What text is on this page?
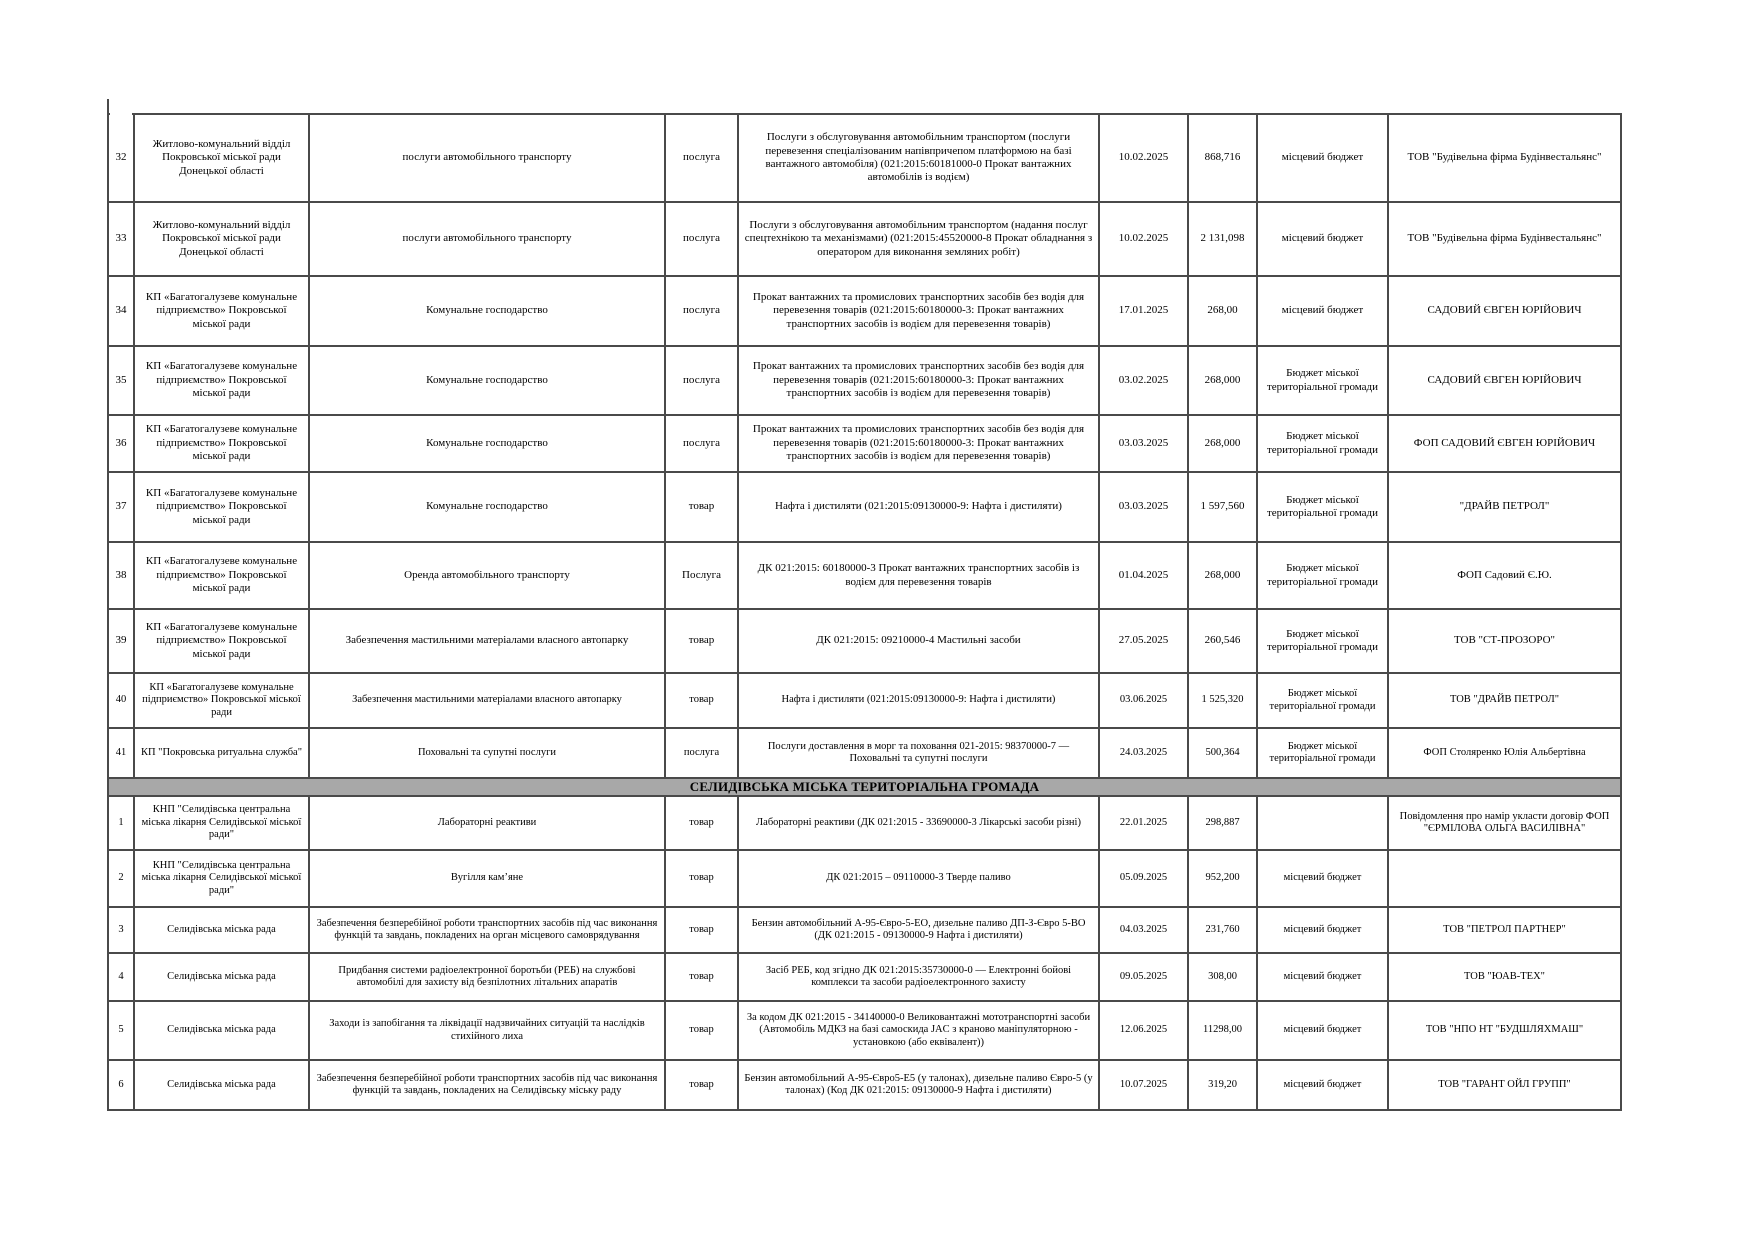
32	Житлово-комунальний відділ Покровської міської ради Донецької області	послуги автомобільного транспорту	послуга	Послуги з обслуговування автомобільним транспортом (послуги перевезення спеціалізованим напівпричепом платформою на базі вантажного автомобіля) (021:2015:60181000-0 Прокат вантажних автомобілів із водієм)	10.02.2025	868,716	місцевий бюджет	ТОВ "Будівельна фірма Будінвестальянс"
33	Житлово-комунальний відділ Покровської міської ради Донецької області	послуги автомобільного транспорту	послуга	Послуги з обслуговування автомобільним транспортом (надання послуг спецтехнікою та механізмами) (021:2015:45520000-8 Прокат обладнання з оператором для виконання земляних робіт)	10.02.2025	2 131,098	місцевий бюджет	ТОВ "Будівельна фірма Будінвестальянс"
34	КП «Багатогалузеве комунальне підприємство» Покровської міської ради	Комунальне господарство	послуга	Прокат вантажних та промислових транспортних засобів без водія для перевезення товарів (021:2015:60180000-3: Прокат вантажних транспортних засобів із водієм для перевезення товарів)	17.01.2025	268,00	місцевий бюджет	САДОВИЙ ЄВГЕН ЮРІЙОВИЧ
35	КП «Багатогалузеве комунальне підприємство» Покровської міської ради	Комунальне господарство	послуга	Прокат вантажних та промислових транспортних засобів без водія для перевезення товарів (021:2015:60180000-3: Прокат вантажних транспортних засобів із водієм для перевезення товарів)	03.02.2025	268,000	Бюджет міської територіальної громади	САДОВИЙ ЄВГЕН ЮРІЙОВИЧ
36	КП «Багатогалузеве комунальне підприємство» Покровської міської ради	Комунальне господарство	послуга	Прокат вантажних та промислових транспортних засобів без водія для перевезення товарів (021:2015:60180000-3: Прокат вантажних транспортних засобів із водієм для перевезення товарів)	03.03.2025	268,000	Бюджет міської територіальної громади	ФОП САДОВИЙ ЄВГЕН ЮРІЙОВИЧ
37	КП «Багатогалузеве комунальне підприємство» Покровської міської ради	Комунальне господарство	товар	Нафта і дистиляти (021:2015:09130000-9: Нафта і дистиляти)	03.03.2025	1 597,560	Бюджет міської територіальної громади	"ДРАЙВ ПЕТРОЛ"
38	КП «Багатогалузеве комунальне підприємство» Покровської міської ради	Оренда автомобільного транспорту	Послуга	ДК 021:2015: 60180000-3 Прокат вантажних транспортних засобів із водієм для перевезення товарів	01.04.2025	268,000	Бюджет міської територіальної громади	ФОП Садовий Є.Ю.
39	КП «Багатогалузеве комунальне підприємство» Покровської міської ради	Забезпечення мастильними матеріалами власного автопарку	товар	ДК 021:2015: 09210000-4 Мастильні засоби	27.05.2025	260,546	Бюджет міської територіальної громади	ТОВ "СТ-ПРОЗОРО"
40	КП «Багатогалузеве комунальне підприємство» Покровської міської ради	Забезпечення мастильними матеріалами власного автопарку	товар	Нафта і дистиляти (021:2015:09130000-9: Нафта і дистиляти)	03.06.2025	1 525,320	Бюджет міської територіальної громади	ТОВ "ДРАЙВ ПЕТРОЛ"
41	КП "Покровська ритуальна служба"	Поховальні та супутні послуги	послуга	Послуги доставлення в морг та поховання 021-2015: 98370000-7 — Поховальні та супутні послуги	24.03.2025	500,364	Бюджет міської територіальної громади	ФОП Столяренко Юлія Альбертівна
СЕЛИДІВСЬКА МІСЬКА ТЕРИТОРІАЛЬНА ГРОМАДА								
1	КНП "Селидівська центральна міська лікарня Селидівської міської ради"	Лабораторні реактиви	товар	Лабораторні реактиви (ДК 021:2015 - 33690000-3 Лікарські засоби різні)	22.01.2025	298,887		Повідомлення про намір укласти договір ФОП "ЄРМІЛОВА ОЛЬГА ВАСИЛІВНА"
2	КНП "Селидівська центральна міська лікарня Селидівської міської ради"	Вугілля кам’яне	товар	ДК 021:2015 – 09110000-3 Тверде паливо	05.09.2025	952,200	місцевий бюджет	
3	Селидівська міська рада	Забезпечення безперебійної роботи транспортних засобів під час виконання функцій та завдань, покладених на орган місцевого самоврядування	товар	Бензин автомобільний А-95-Євро-5-ЕО, дизельне паливо ДП-З-Євро 5-ВО (ДК 021:2015 - 09130000-9 Нафта і дистиляти)	04.03.2025	231,760	місцевий бюджет	ТОВ "ПЕТРОЛ ПАРТНЕР"
4	Селидівська міська рада	Придбання системи радіоелектронної боротьби (РЕБ) на службові автомобілі для захисту від безпілотних літальних апаратів	товар	Засіб РЕБ, код згідно ДК 021:2015:35730000-0 — Електронні бойові комплекси та засоби радіоелектронного захисту	09.05.2025	308,00	місцевий бюджет	ТОВ "ЮАВ-ТЕХ"
5	Селидівська міська рада	Заходи із запобігання та ліквідації надзвичайних ситуацій та наслідків стихійного лиха	товар	За кодом ДК 021:2015 - 34140000-0 Великовантажні мототранспортні засоби (Автомобіль МДКЗ на базі самоскида JAC з краново маніпуляторною - установкою (або еквівалент))	12.06.2025	11298,00	місцевий бюджет	ТОВ "НПО НТ "БУДШЛЯХМАШ"
6	Селидівська міська рада	Забезпечення безперебійної роботи транспортних засобів під час виконання функцій та завдань, покладених на Селидівську міську раду	товар	Бензин автомобільний А-95-Євро5-Е5 (у талонах), дизельне паливо Євро-5 (у талонах) (Код ДК 021:2015: 09130000-9 Нафта і дистиляти)	10.07.2025	319,20	місцевий бюджет	ТОВ "ГАРАНТ ОЙЛ ГРУПП"
